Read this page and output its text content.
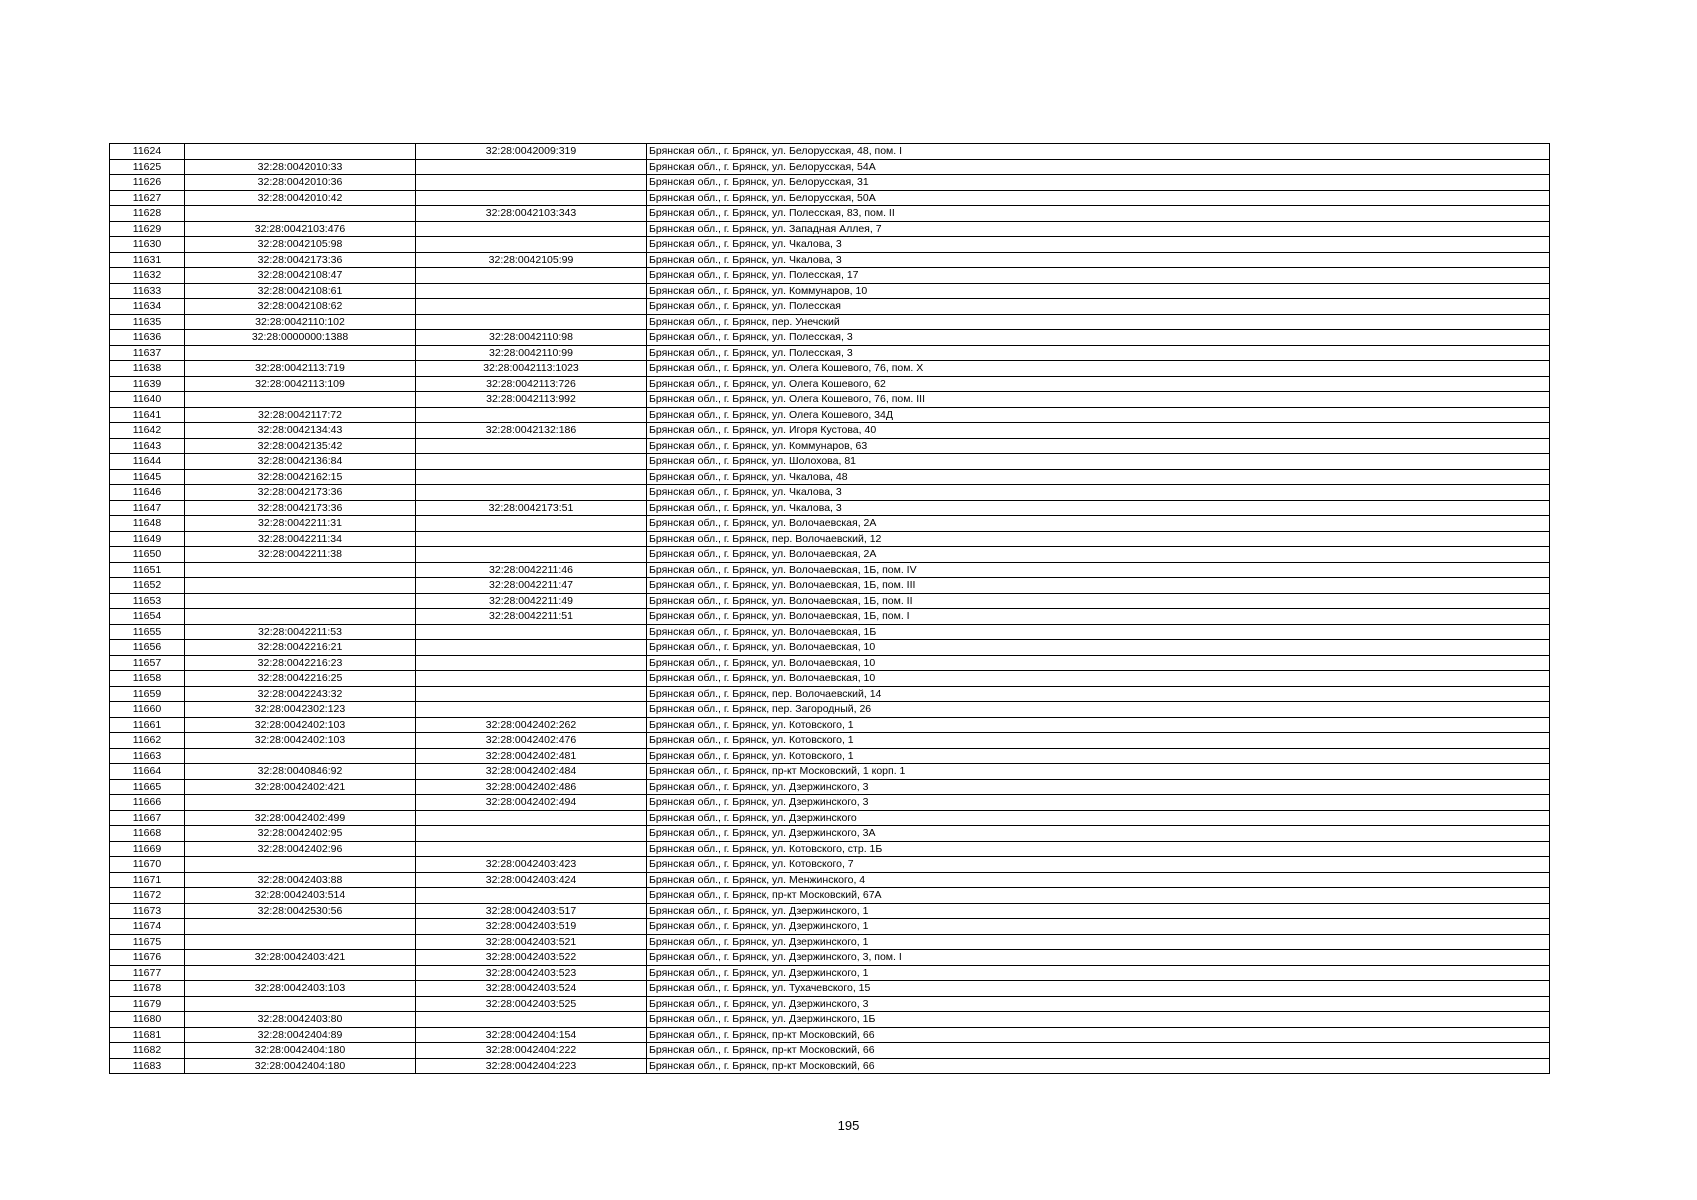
11624		32:28:0042009:319	Брянская обл., г. Брянск, ул. Белорусская, 48, пом. I
11625	32:28:0042010:33		Брянская обл., г. Брянск, ул. Белорусская, 54А
11626	32:28:0042010:36		Брянская обл., г. Брянск, ул. Белорусская, 31
11627	32:28:0042010:42		Брянская обл., г. Брянск, ул. Белорусская, 50А
11628		32:28:0042103:343	Брянская обл., г. Брянск, ул. Полесская, 83, пом. II
11629	32:28:0042103:476		Брянская обл., г. Брянск, ул. Западная Аллея, 7
11630	32:28:0042105:98		Брянская обл., г. Брянск, ул. Чкалова, 3
11631	32:28:0042173:36	32:28:0042105:99	Брянская обл., г. Брянск, ул. Чкалова, 3
11632	32:28:0042108:47		Брянская обл., г. Брянск, ул. Полесская, 17
11633	32:28:0042108:61		Брянская обл., г. Брянск, ул. Коммунаров, 10
11634	32:28:0042108:62		Брянская обл., г. Брянск, ул. Полесская
11635	32:28:0042110:102		Брянская обл., г. Брянск, пер. Унечский
11636	32:28:0000000:1388	32:28:0042110:98	Брянская обл., г. Брянск, ул. Полесская, 3
11637		32:28:0042110:99	Брянская обл., г. Брянск, ул. Полесская, 3
11638	32:28:0042113:719	32:28:0042113:1023	Брянская обл., г. Брянск, ул. Олега Кошевого, 76, пом. X
11639	32:28:0042113:109	32:28:0042113:726	Брянская обл., г. Брянск, ул. Олега Кошевого, 62
11640		32:28:0042113:992	Брянская обл., г. Брянск, ул. Олега Кошевого, 76, пом. III
11641	32:28:0042117:72		Брянская обл., г. Брянск, ул. Олега Кошевого, 34Д
11642	32:28:0042134:43	32:28:0042132:186	Брянская обл., г. Брянск, ул. Игоря Кустова, 40
11643	32:28:0042135:42		Брянская обл., г. Брянск, ул. Коммунаров, 63
11644	32:28:0042136:84		Брянская обл., г. Брянск, ул. Шолохова, 81
11645	32:28:0042162:15		Брянская обл., г. Брянск, ул. Чкалова, 48
11646	32:28:0042173:36		Брянская обл., г. Брянск, ул. Чкалова, 3
11647	32:28:0042173:36	32:28:0042173:51	Брянская обл., г. Брянск, ул. Чкалова, 3
11648	32:28:0042211:31		Брянская обл., г. Брянск, ул. Волочаевская, 2А
11649	32:28:0042211:34		Брянская обл., г. Брянск, пер. Волочаевский, 12
11650	32:28:0042211:38		Брянская обл., г. Брянск, ул. Волочаевская, 2А
11651		32:28:0042211:46	Брянская обл., г. Брянск, ул. Волочаевская, 1Б, пом. IV
11652		32:28:0042211:47	Брянская обл., г. Брянск, ул. Волочаевская, 1Б, пом. III
11653		32:28:0042211:49	Брянская обл., г. Брянск, ул. Волочаевская, 1Б, пом. II
11654		32:28:0042211:51	Брянская обл., г. Брянск, ул. Волочаевская, 1Б, пом. I
11655	32:28:0042211:53		Брянская обл., г. Брянск, ул. Волочаевская, 1Б
11656	32:28:0042216:21		Брянская обл., г. Брянск, ул. Волочаевская, 10
11657	32:28:0042216:23		Брянская обл., г. Брянск, ул. Волочаевская, 10
11658	32:28:0042216:25		Брянская обл., г. Брянск, ул. Волочаевская, 10
11659	32:28:0042243:32		Брянская обл., г. Брянск, пер. Волочаевский, 14
11660	32:28:0042302:123		Брянская обл., г. Брянск, пер. Загородный, 26
11661	32:28:0042402:103	32:28:0042402:262	Брянская обл., г. Брянск, ул. Котовского, 1
11662	32:28:0042402:103	32:28:0042402:476	Брянская обл., г. Брянск, ул. Котовского, 1
11663		32:28:0042402:481	Брянская обл., г. Брянск, ул. Котовского, 1
11664	32:28:0040846:92	32:28:0042402:484	Брянская обл., г. Брянск, пр-кт Московский, 1 корп. 1
11665	32:28:0042402:421	32:28:0042402:486	Брянская обл., г. Брянск, ул. Дзержинского, 3
11666		32:28:0042402:494	Брянская обл., г. Брянск, ул. Дзержинского, 3
11667	32:28:0042402:499		Брянская обл., г. Брянск, ул. Дзержинского
11668	32:28:0042402:95		Брянская обл., г. Брянск, ул. Дзержинского, 3А
11669	32:28:0042402:96		Брянская обл., г. Брянск, ул. Котовского, стр. 1Б
11670		32:28:0042403:423	Брянская обл., г. Брянск, ул. Котовского, 7
11671	32:28:0042403:88	32:28:0042403:424	Брянская обл., г. Брянск, ул. Менжинского, 4
11672	32:28:0042403:514		Брянская обл., г. Брянск, пр-кт Московский, 67А
11673	32:28:0042530:56	32:28:0042403:517	Брянская обл., г. Брянск, ул. Дзержинского, 1
11674		32:28:0042403:519	Брянская обл., г. Брянск, ул. Дзержинского, 1
11675		32:28:0042403:521	Брянская обл., г. Брянск, ул. Дзержинского, 1
11676	32:28:0042403:421	32:28:0042403:522	Брянская обл., г. Брянск, ул. Дзержинского, 3, пом. I
11677		32:28:0042403:523	Брянская обл., г. Брянск, ул. Дзержинского, 1
11678	32:28:0042403:103	32:28:0042403:524	Брянская обл., г. Брянск, ул. Тухачевского, 15
11679		32:28:0042403:525	Брянская обл., г. Брянск, ул. Дзержинского, 3
11680	32:28:0042403:80		Брянская обл., г. Брянск, ул. Дзержинского, 1Б
11681	32:28:0042404:89	32:28:0042404:154	Брянская обл., г. Брянск, пр-кт Московский, 66
11682	32:28:0042404:180	32:28:0042404:222	Брянская обл., г. Брянск, пр-кт Московский, 66
11683	32:28:0042404:180	32:28:0042404:223	Брянская обл., г. Брянск, пр-кт Московский, 66
195
